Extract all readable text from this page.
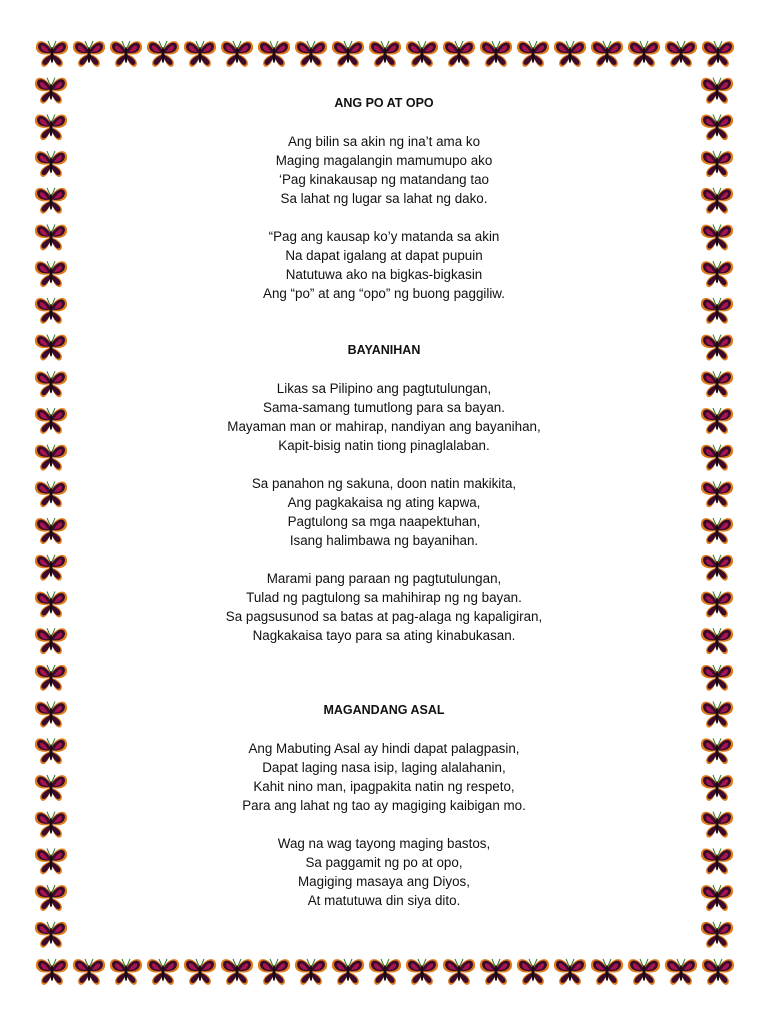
ANG PO AT OPO

Ang bilin sa akin ng ina’t ama ko
Maging magalangin mamumupo ako
‘Pag kinakausap ng matandang tao
Sa lahat ng lugar sa lahat ng dako.

“Pag ang kausap ko’y matanda sa akin
Na dapat igalang at dapat pupuin
Natutuwa ako na bigkas-bigkasin
Ang “po” at ang “opo” ng buong paggiliw.

BAYANIHAN

Likas sa Pilipino ang pagtutulungan,
Sama-samang tumutlong para sa bayan.
Mayaman man or mahirap, nandiyan ang bayanihan,
Kapit-bisig natin tiong pinaglalaban.

Sa panahon ng sakuna, doon natin makikita,
Ang pagkakaisa ng ating kapwa,
Pagtulong sa mga naapektuhan,
Isang halimbawa ng bayanihan.

Marami pang paraan ng pagtutulungan,
Tulad ng pagtulong sa mahihirap ng ng bayan.
Sa pagsusunod sa batas at pag-alaga ng kapaligiran,
Nagkakaisa tayo para sa ating kinabukasan.

MAGANDANG ASAL

Ang Mabuting Asal ay hindi dapat palagpasin,
Dapat laging nasa isip, laging alalahanin,
Kahit nino man, ipagpakita natin ng respeto,
Para ang lahat ng tao ay magiging kaibigan mo.

Wag na wag tayong maging bastos,
Sa paggamit ng po at opo,
Magiging masaya ang Diyos,
At matutuwa din siya dito.
